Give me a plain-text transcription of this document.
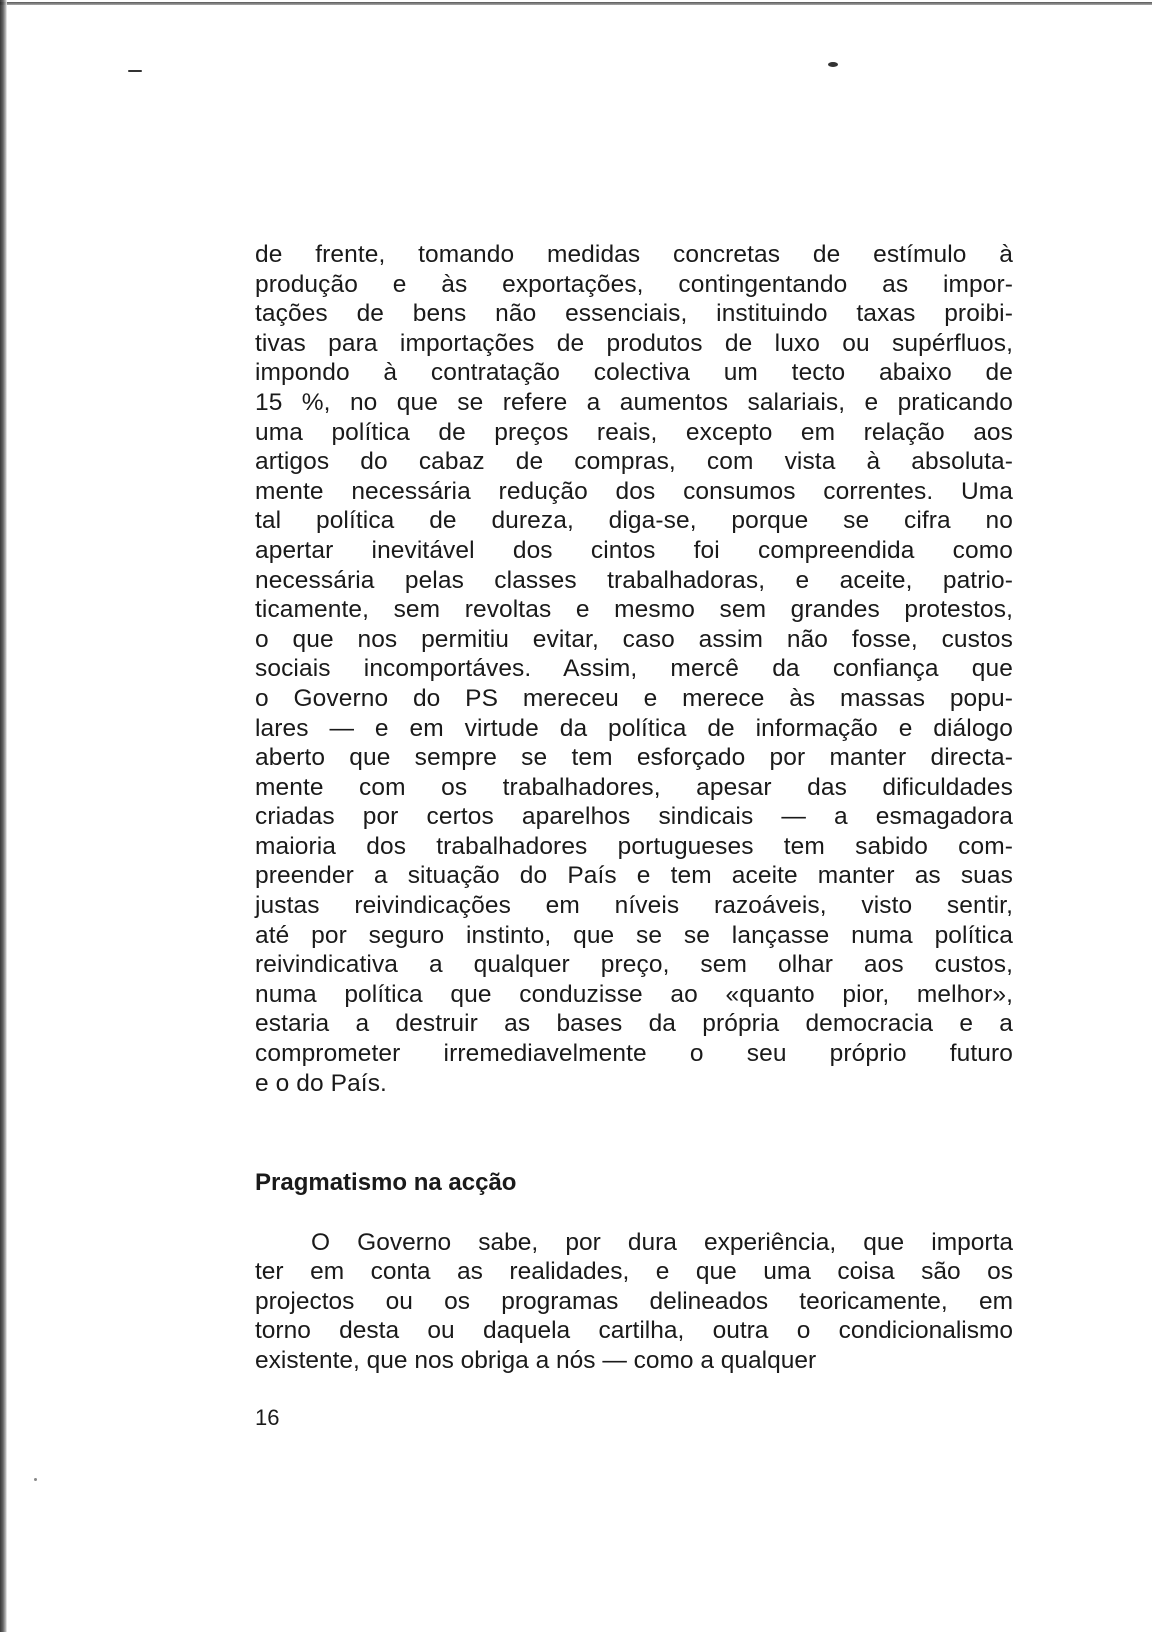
de frente, tomando medidas concretas de estímulo à
produção e às exportações, contingentando as impor-
tações de bens não essenciais, instituindo taxas proibi-
tivas para importações de produtos de luxo ou supérfluos,
impondo à contratação colectiva um tecto abaixo de
15 %, no que se refere a aumentos salariais, e praticando
uma política de preços reais, excepto em relação aos
artigos do cabaz de compras, com vista à absoluta-
mente necessária redução dos consumos correntes. Uma
tal política de dureza, diga-se, porque se cifra no
apertar inevitável dos cintos foi compreendida como
necessária pelas classes trabalhadoras, e aceite, patrio-
ticamente, sem revoltas e mesmo sem grandes protestos,
o que nos permitiu evitar, caso assim não fosse, custos
sociais incomportáves. Assim, mercê da confiança que
o Governo do PS mereceu e merece às massas popu-
lares — e em virtude da política de informação e diálogo
aberto que sempre se tem esforçado por manter directa-
mente com os trabalhadores, apesar das dificuldades
criadas por certos aparelhos sindicais — a esmagadora
maioria dos trabalhadores portugueses tem sabido com-
preender a situação do País e tem aceite manter as suas
justas reivindicações em níveis razoáveis, visto sentir,
até por seguro instinto, que se se lançasse numa política
reivindicativa a qualquer preço, sem olhar aos custos,
numa política que conduzisse ao «quanto pior, melhor»,
estaria a destruir as bases da própria democracia e a
comprometer irremediavelmente o seu próprio futuro
e o do País.

Pragmatismo na acção

O Governo sabe, por dura experiência, que importa
ter em conta as realidades, e que uma coisa são os
projectos ou os programas delineados teoricamente, em
torno desta ou daquela cartilha, outra o condicionalismo
existente, que nos obriga a nós — como a qualquer

16
